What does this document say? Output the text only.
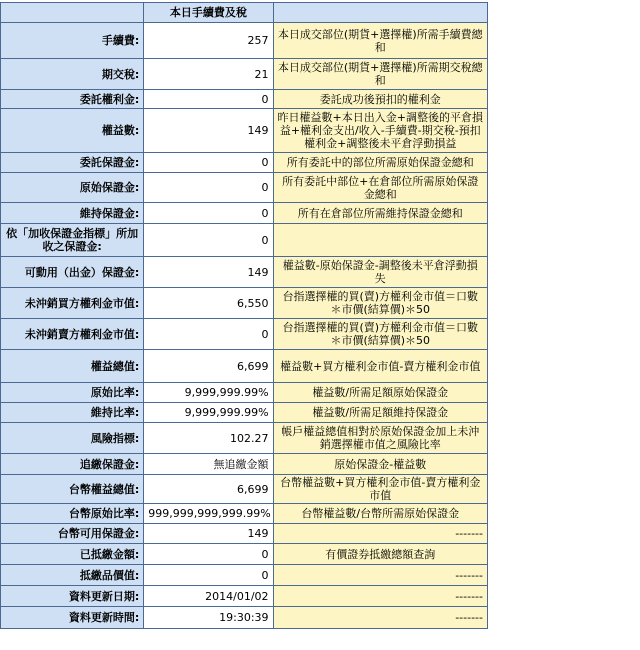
	本日手續費及稅	
手續費:	257	本日成交部位(期貨+選擇權)所需手續費總和
期交稅:	21	本日成交部位(期貨+選擇權)所需期交稅總和
委託權利金:	0	委託成功後預扣的權利金
權益數:	149	昨日權益數+本日出入金+調整後的平倉損益+權利金支出/收入-手續費-期交稅-預扣權利金+調整後未平倉浮動損益
委託保證金:	0	所有委託中的部位所需原始保證金總和
原始保證金:	0	所有委託中部位+在倉部位所需原始保證金總和
維持保證金:	0	所有在倉部位所需維持保證金總和
依「加收保證金指標」所加收之保證金:	0	
可動用（出金）保證金:	149	權益數-原始保證金-調整後未平倉浮動損失
未沖銷買方權利金市值:	6,550	台指選擇權的買(賣)方權利金市值＝口數＊市價(結算價)＊50
未沖銷賣方權利金市值:	0	台指選擇權的買(賣)方權利金市值＝口數＊市價(結算價)＊50
權益總值:	6,699	權益數+買方權利金市值-賣方權利金市值
原始比率:	9,999,999.99%	權益數/所需足額原始保證金
維持比率:	9,999,999.99%	權益數/所需足額維持保證金
風險指標:	102.27	帳戶權益總值相對於原始保證金加上未沖銷選擇權市值之風險比率
追繳保證金:	無追繳金額	原始保證金-權益數
台幣權益總值:	6,699	台幣權益數+買方權利金市值-賣方權利金市值
台幣原始比率:	999,999,999,999.99%	台幣權益數/台幣所需原始保證金
台幣可用保證金:	149	-------
已抵繳金額:	0	有價證券抵繳總額查詢
抵繳品價值:	0	-------
資料更新日期:	2014/01/02	-------
資料更新時間:	19:30:39	-------
